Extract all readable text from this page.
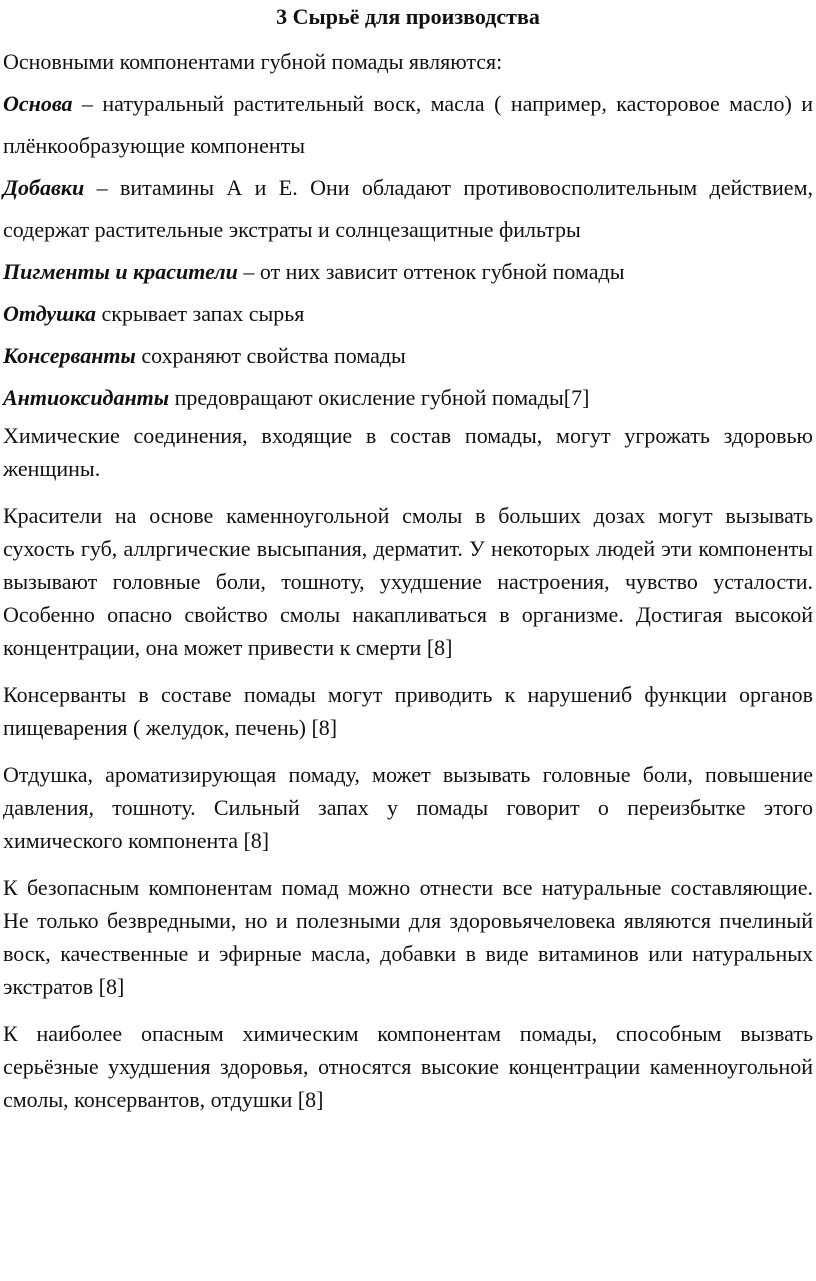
3 Сырьё для производства

Основными компонентами губной помады являются:

Основа – натуральный растительный воск, масла ( например, касторовое масло) и плёнкообразующие компоненты

Добавки – витамины А и Е. Они обладают противовосполительным действием, содержат растительные экстраты и солнцезащитные фильтры

Пигменты и красители – от них зависит оттенок губной помады

Отдушка скрывает запах сырья

Консерванты сохраняют свойства помады

Антиоксиданты предовращают окисление губной помады[7]

Химические соединения, входящие в состав помады, могут угрожать здоровью женщины.

Красители на основе каменноугольной смолы в больших дозах могут вызывать сухость губ, аллргические высыпания, дерматит. У некоторых людей эти компоненты вызывают головные боли, тошноту, ухудшение настроения, чувство усталости. Особенно опасно свойство смолы накапливаться в организме. Достигая высокой концентрации, она может привести к смерти [8]

Консерванты в составе помады могут приводить к нарушениб функции органов пищеварения ( желудок, печень) [8]

Отдушка, ароматизирующая помаду, может вызывать головные боли, повышение давления, тошноту. Сильный запах у помады говорит о переизбытке этого химического компонента [8]

К безопасным компонентам помад можно отнести все натуральные составляющие. Не только безвредными, но и полезными для здоровьячеловека являются пчелиный воск, качественные и эфирные масла, добавки в виде витаминов или натуральных экстратов [8]

К наиболее опасным химическим компонентам помады, способным вызвать серьёзные ухудшения здоровья, относятся высокие концентрации каменноугольной смолы, консервантов, отдушки [8]
